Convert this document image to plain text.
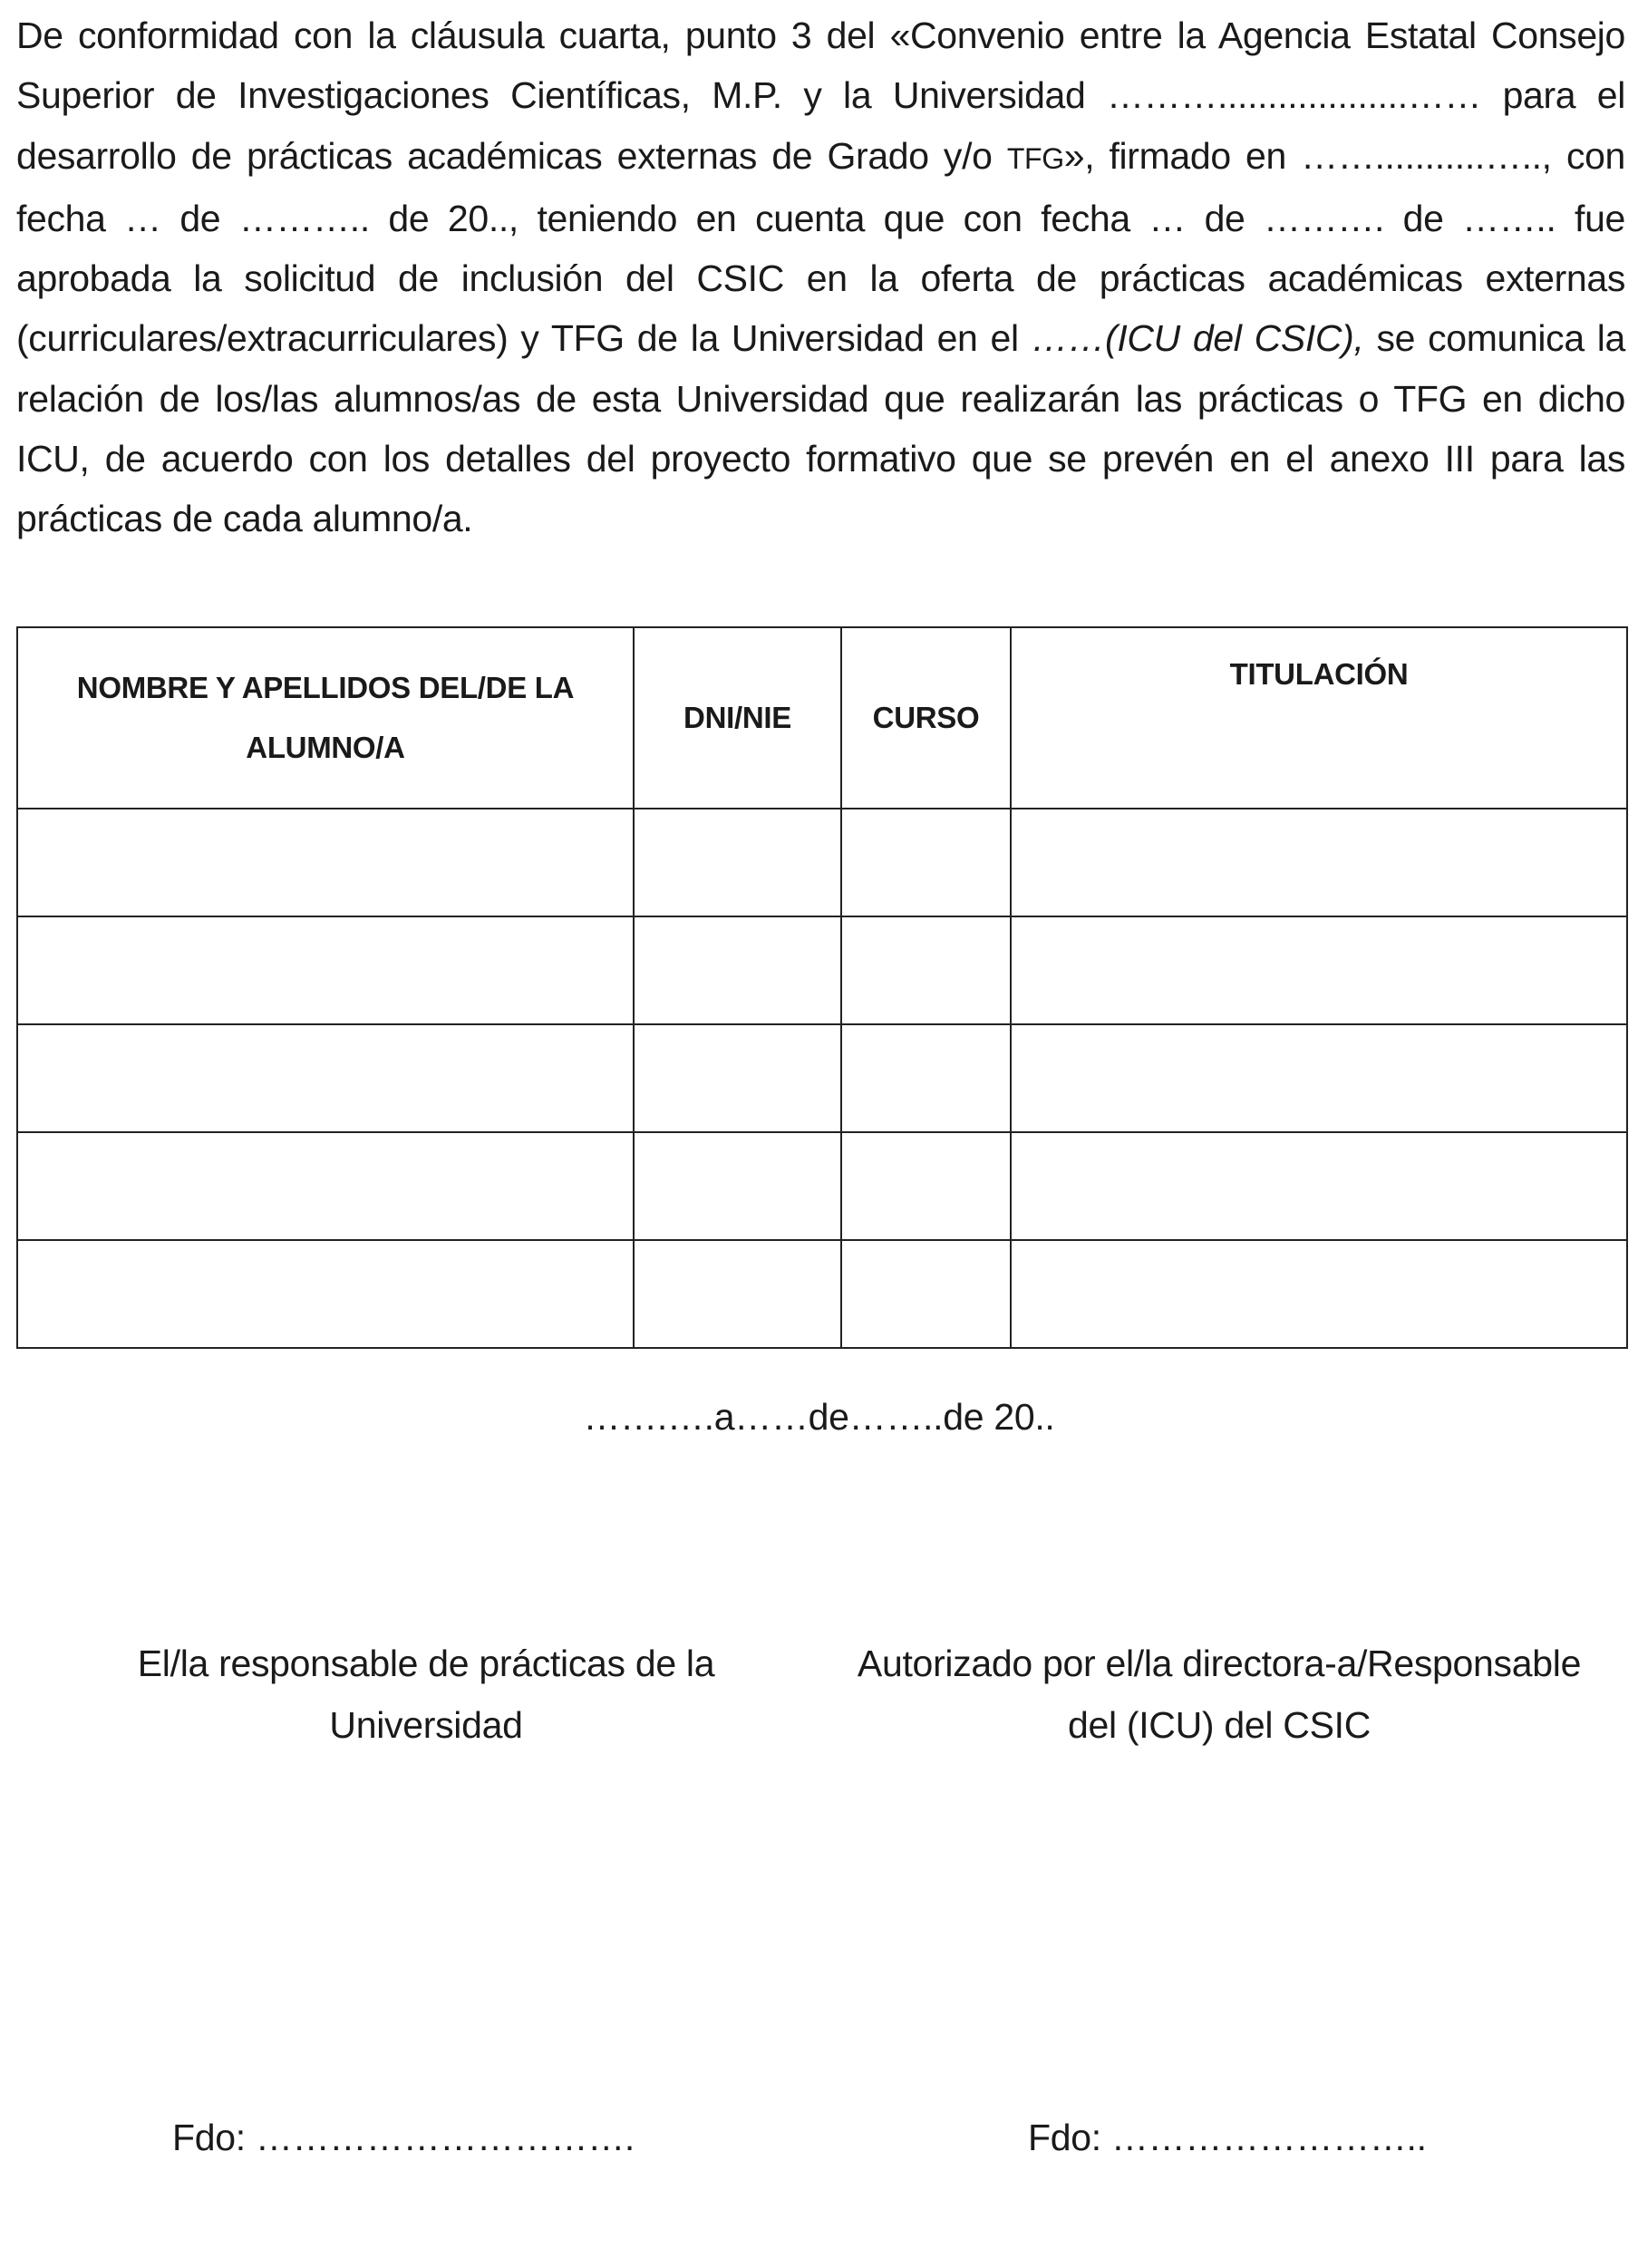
De conformidad con la cláusula cuarta, punto 3 del «Convenio entre la Agencia Estatal Consejo Superior de Investigaciones Científicas, M.P. y la Universidad ………...................…… para el desarrollo de prácticas académicas externas de Grado y/o TFG», firmado en ……...........….., con fecha … de ……….. de 20.., teniendo en cuenta que con fecha … de ………. de …….. fue aprobada la solicitud de inclusión del CSIC en la oferta de prácticas académicas externas (curriculares/extracurriculares) y TFG de la Universidad en el ……(ICU del CSIC), se comunica la relación de los/las alumnos/as de esta Universidad que realizarán las prácticas o TFG en dicho ICU, de acuerdo con los detalles del proyecto formativo que se prevén en el anexo III para las prácticas de cada alumno/a.

NOMBRE Y APELLIDOS DEL/DE LA ALUMNO/A	DNI/NIE	CURSO	TITULACIÓN

…….….a……de……..de 20..
El/la responsable de prácticas de la
Universidad
Autorizado por el/la directora-a/Responsable
del (ICU) del CSIC
Fdo: ………………………….	Fdo: ……………………..
